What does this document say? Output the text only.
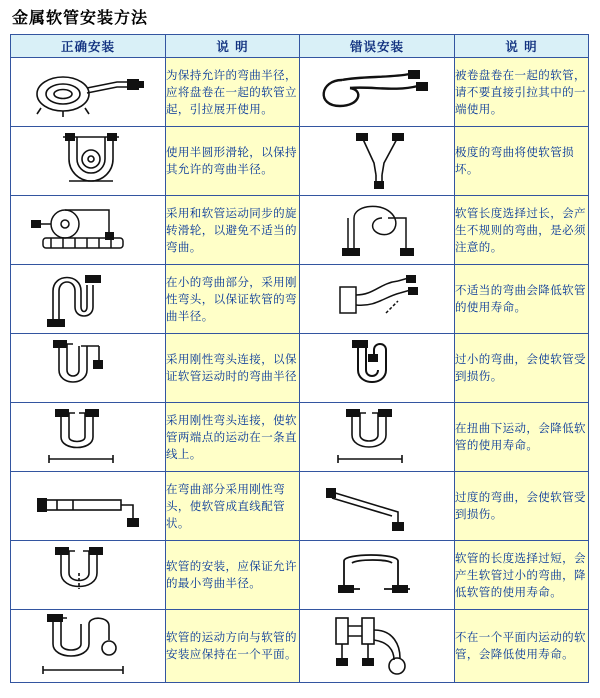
金属软管安装方法
正确安装	说 明	错误安装	说 明

	为保持允许的弯曲半径，应将盘卷在一起的软管立起，引拉展开使用。		被卷盘卷在一起的软管，请不要直接引拉其中的一端使用。

	使用半圆形滑轮，以保持其允许的弯曲半径。		极度的弯曲将使软管损坏。

	采用和软管运动同步的旋转滑轮，以避免不适当的弯曲。		软管长度选择过长，会产生不规则的弯曲，是必须注意的。

	在小的弯曲部分，采用刚性弯头，以保证软管的弯曲半径。		不适当的弯曲会降低软管的使用寿命。

	采用刚性弯头连接，以保证软管运动时的弯曲半径		过小的弯曲，会使软管受到损伤。

	采用刚性弯头连接，使软管两端点的运动在一条直线上。		在扭曲下运动，会降低软管的使用寿命。

	在弯曲部分采用刚性弯头，使软管成直线配管状。		过度的弯曲，会使软管受到损伤。

	软管的安装，应保证允许的最小弯曲半径。		软管的长度选择过短，会产生软管过小的弯曲，降低软管的使用寿命。

	软管的运动方向与软管的安装应保持在一个平面。		不在一个平面内运动的软管，会降低使用寿命。
